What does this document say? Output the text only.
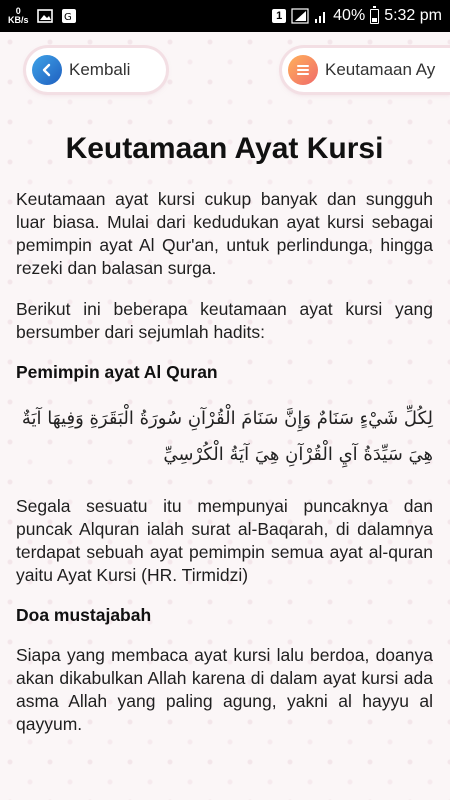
0
KB/s	G	1	40% 5:32 pm
Kembali	Keutamaan Ay
Keutamaan Ayat Kursi

Keutamaan ayat kursi cukup banyak dan sungguh luar biasa. Mulai dari kedudukan ayat kursi sebagai pemimpin ayat Al Qur'an, untuk perlindunga, hingga rezeki dan balasan surga.

Berikut ini beberapa keutamaan ayat kursi yang bersumber dari sejumlah hadits:

Pemimpin ayat Al Quran
لِكُلِّ شَيْءٍ سَنَامٌ وَإِنَّ سَنَامَ الْقُرْآنِ سُورَةُ الْبَقَرَةِ وَفِيهَا آيَةٌ هِيَ سَيِّدَةُ آيِ الْقُرْآنِ هِيَ آيَةُ الْكُرْسِيِّ

Segala sesuatu itu mempunyai puncaknya dan puncak Alquran ialah surat al-Baqarah, di dalamnya terdapat sebuah ayat pemimpin semua ayat al-quran yaitu Ayat Kursi (HR. Tirmidzi)

Doa mustajabah

Siapa yang membaca ayat kursi lalu berdoa, doanya akan dikabulkan Allah karena di dalam ayat kursi ada asma Allah yang paling agung, yakni al hayyu al qayyum.
